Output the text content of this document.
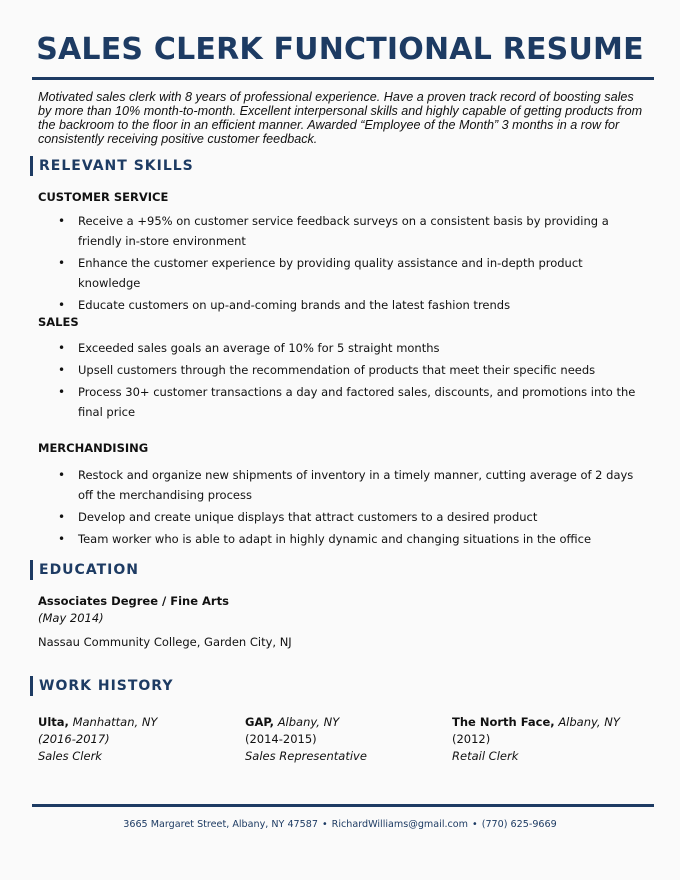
SALES CLERK FUNCTIONAL RESUME

Motivated sales clerk with 8 years of professional experience. Have a proven track record of boosting sales by more than 10% month-to-month. Excellent interpersonal skills and highly capable of getting products from the backroom to the floor in an efficient manner. Awarded “Employee of the Month” 3 months in a row for consistently receiving positive customer feedback.

RELEVANT SKILLS

CUSTOMER SERVICE

• Receive a +95% on customer service feedback surveys on a consistent basis by providing a friendly in-store environment
• Enhance the customer experience by providing quality assistance and in-depth product knowledge
• Educate customers on up-and-coming brands and the latest fashion trends

SALES

• Exceeded sales goals an average of 10% for 5 straight months
• Upsell customers through the recommendation of products that meet their specific needs
• Process 30+ customer transactions a day and factored sales, discounts, and promotions into the final price

MERCHANDISING

• Restock and organize new shipments of inventory in a timely manner, cutting average of 2 days off the merchandising process
• Develop and create unique displays that attract customers to a desired product
• Team worker who is able to adapt in highly dynamic and changing situations in the office
EDUCATION

Associates Degree / Fine Arts

(May 2014)

Nassau Community College, Garden City, NJ

WORK HISTORY
Ulta, Manhattan, NY
(2016-2017)
Sales Clerk
GAP, Albany, NY
(2014-2015)
Sales Representative
The North Face, Albany, NY
(2012)
Retail Clerk
3665 Margaret Street, Albany, NY 47587 • RichardWilliams@gmail.com • (770) 625-9669
